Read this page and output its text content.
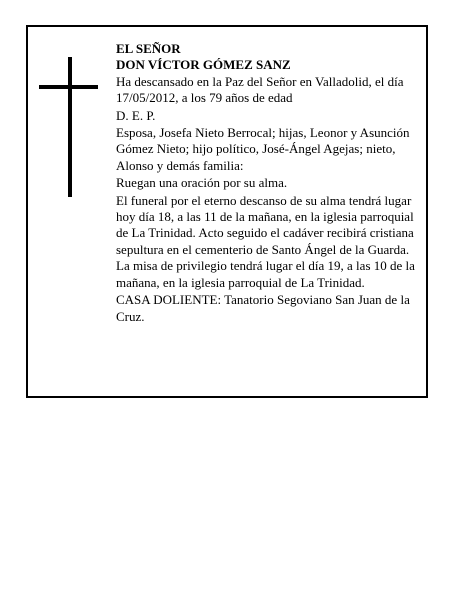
EL SEÑOR
DON VÍCTOR GÓMEZ SANZ

Ha descansado en la Paz del Señor en Valladolid, el día 17/05/2012, a los 79 años de edad

D. E. P.

Esposa, Josefa Nieto Berrocal; hijas, Leonor y Asunción Gómez Nieto; hijo político, José-Ángel Agejas; nieto, Alonso y demás familia:

Ruegan una oración por su alma.

El funeral por el eterno descanso de su alma tendrá lugar hoy día 18, a las 11 de la mañana, en la iglesia parroquial de La Trinidad. Acto seguido el cadáver recibirá cristiana sepultura en el cementerio de Santo Ángel de la Guarda. La misa de privilegio tendrá lugar el día 19, a las 10 de la mañana, en la iglesia parroquial de La Trinidad.

CASA DOLIENTE: Tanatorio Segoviano San Juan de la Cruz.
